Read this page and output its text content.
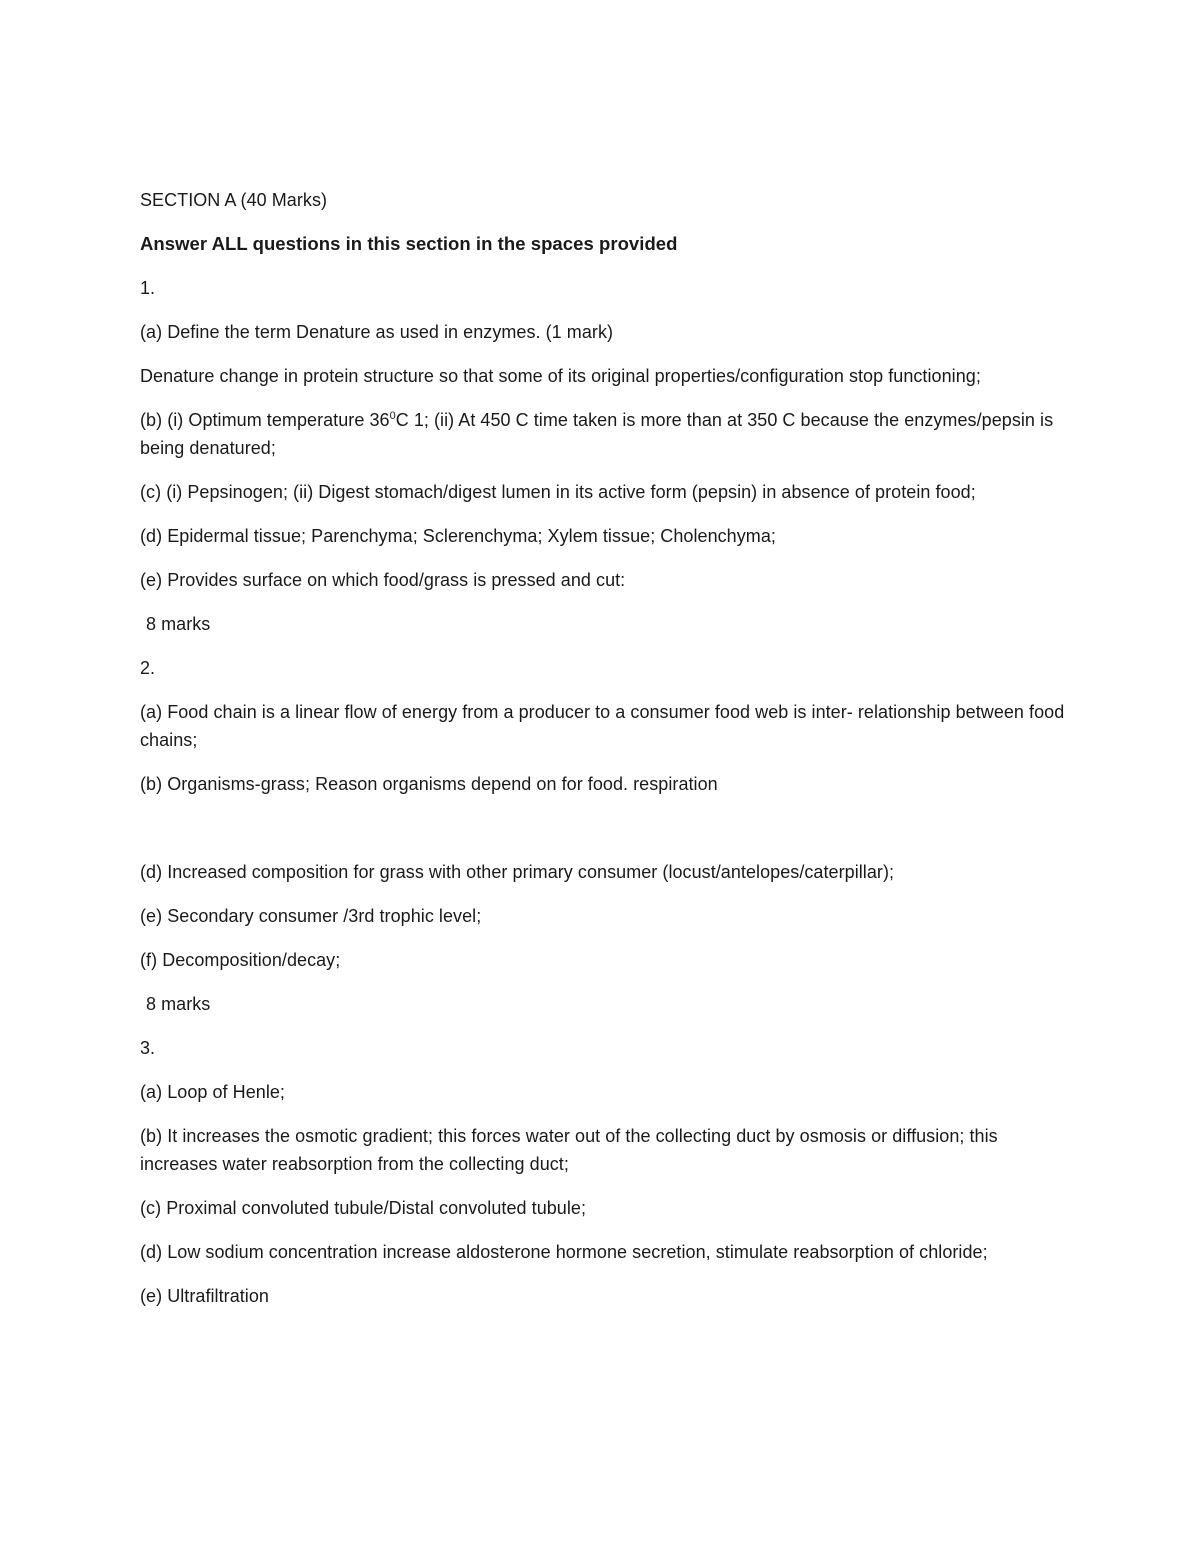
SECTION A (40 Marks)

Answer ALL questions in this section in the spaces provided

1.

(a) Define the term Denature as used in enzymes. (1 mark)

Denature change in protein structure so that some of its original properties/configuration stop functioning;

(b) (i) Optimum temperature $36^0C$ 1; (ii) At 450 C time taken is more than at 350 C because the enzymes/pepsin is being denatured;

(c) (i) Pepsinogen; (ii) Digest stomach/digest lumen in its active form (pepsin) in absence of protein food;

(d) Epidermal tissue; Parenchyma; Sclerenchyma; Xylem tissue; Cholenchyma;

(e) Provides surface on which food/grass is pressed and cut:

8 marks

2.

(a) Food chain is a linear flow of energy from a producer to a consumer food web is inter- relationship between food chains;

(b) Organisms-grass; Reason organisms depend on for food. respiration

(d) Increased composition for grass with other primary consumer (locust/antelopes/caterpillar);

(e) Secondary consumer /3rd trophic level;

(f) Decomposition/decay;

8 marks

3.

(a) Loop of Henle;

(b) It increases the osmotic gradient; this forces water out of the collecting duct by osmosis or diffusion; this increases water reabsorption from the collecting duct;

(c) Proximal convoluted tubule/Distal convoluted tubule;

(d) Low sodium concentration increase aldosterone hormone secretion, stimulate reabsorption of chloride;

(e) Ultrafiltration
